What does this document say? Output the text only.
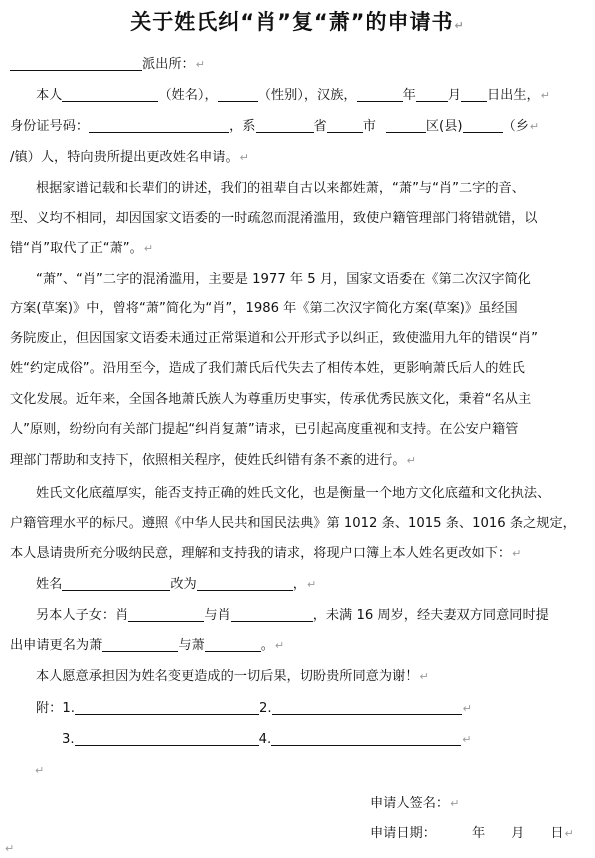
关于姓氏纠“肖”复“萧”的申请书↵
派出所：↵
本人	（姓名），	（性别），汉族，	年 月 日出生，↵
身份证号码：	，系	省	市	区(县)	（乡↵
/镇）人，特向贵所提出更改姓名申请。↵
根据家谱记载和长辈们的讲述，我们的祖辈自古以来都姓萧，“萧”与“肖”二字的音、
型、义均不相同，却因国家文语委的一时疏忽而混淆滥用，致使户籍管理部门将错就错，以
错“肖”取代了正“萧”。↵
“萧”、“肖”二字的混淆滥用，主要是 1977 年 5 月，国家文语委在《第二次汉字简化
方案(草案)》中，曾将“萧”简化为“肖”，1986 年《第二次汉字简化方案(草案)》虽经国
务院废止，但因国家文语委未通过正常渠道和公开形式予以纠正，致使滥用九年的错误“肖”
姓“约定成俗”。沿用至今，造成了我们萧氏后代失去了相传本姓，更影响萧氏后人的姓氏
文化发展。近年来，全国各地萧氏族人为尊重历史事实，传承优秀民族文化，秉着“名从主
人”原则，纷纷向有关部门提起“纠肖复萧”请求，已引起高度重视和支持。在公安户籍管
理部门帮助和支持下，依照相关程序，使姓氏纠错有条不紊的进行。↵
姓氏文化底蕴厚实，能否支持正确的姓氏文化，也是衡量一个地方文化底蕴和文化执法、
户籍管理水平的标尺。遵照《中华人民共和国民法典》第 1012 条、1015 条、1016 条之规定，
本人恳请贵所充分吸纳民意，理解和支持我的请求，将现户口簿上本人姓名更改如下：↵
姓名	改为	，↵
另本人子女：肖	与肖	，未满 16 周岁，经夫妻双方同意同时提
出申请更名为萧	与萧	。↵
本人愿意承担因为姓名变更造成的一切后果，切盼贵所同意为谢！↵
附：1.	2.	↵
3.	4.	↵
↵
申请人签名：↵
申请日期：	年 月 日↵
↵
